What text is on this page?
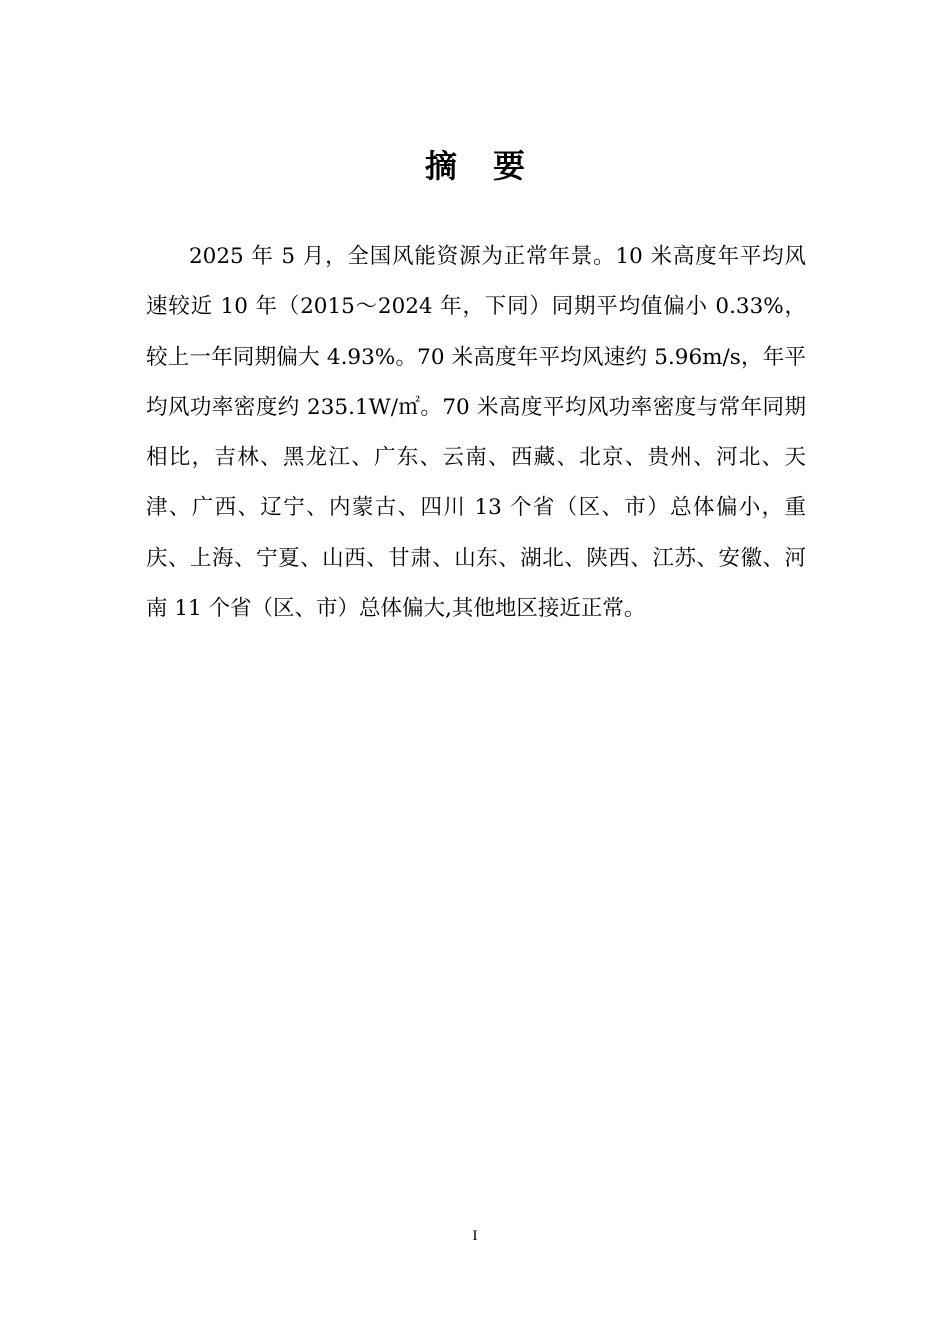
摘 要

2025 年 5 月，全国风能资源为正常年景。10 米高度年平均风速较近 10 年（2015～2024 年，下同）同期平均值偏小 0.33%，较上一年同期偏大 4.93%。70 米高度年平均风速约 5.96m/s，年平均风功率密度约 235.1W/㎡。70 米高度平均风功率密度与常年同期相比，吉林、黑龙江、广东、云南、西藏、北京、贵州、河北、天津、广西、辽宁、内蒙古、四川 13 个省（区、市）总体偏小，重庆、上海、宁夏、山西、甘肃、山东、湖北、陕西、江苏、安徽、河南 11 个省（区、市）总体偏大,其他地区接近正常。

I
